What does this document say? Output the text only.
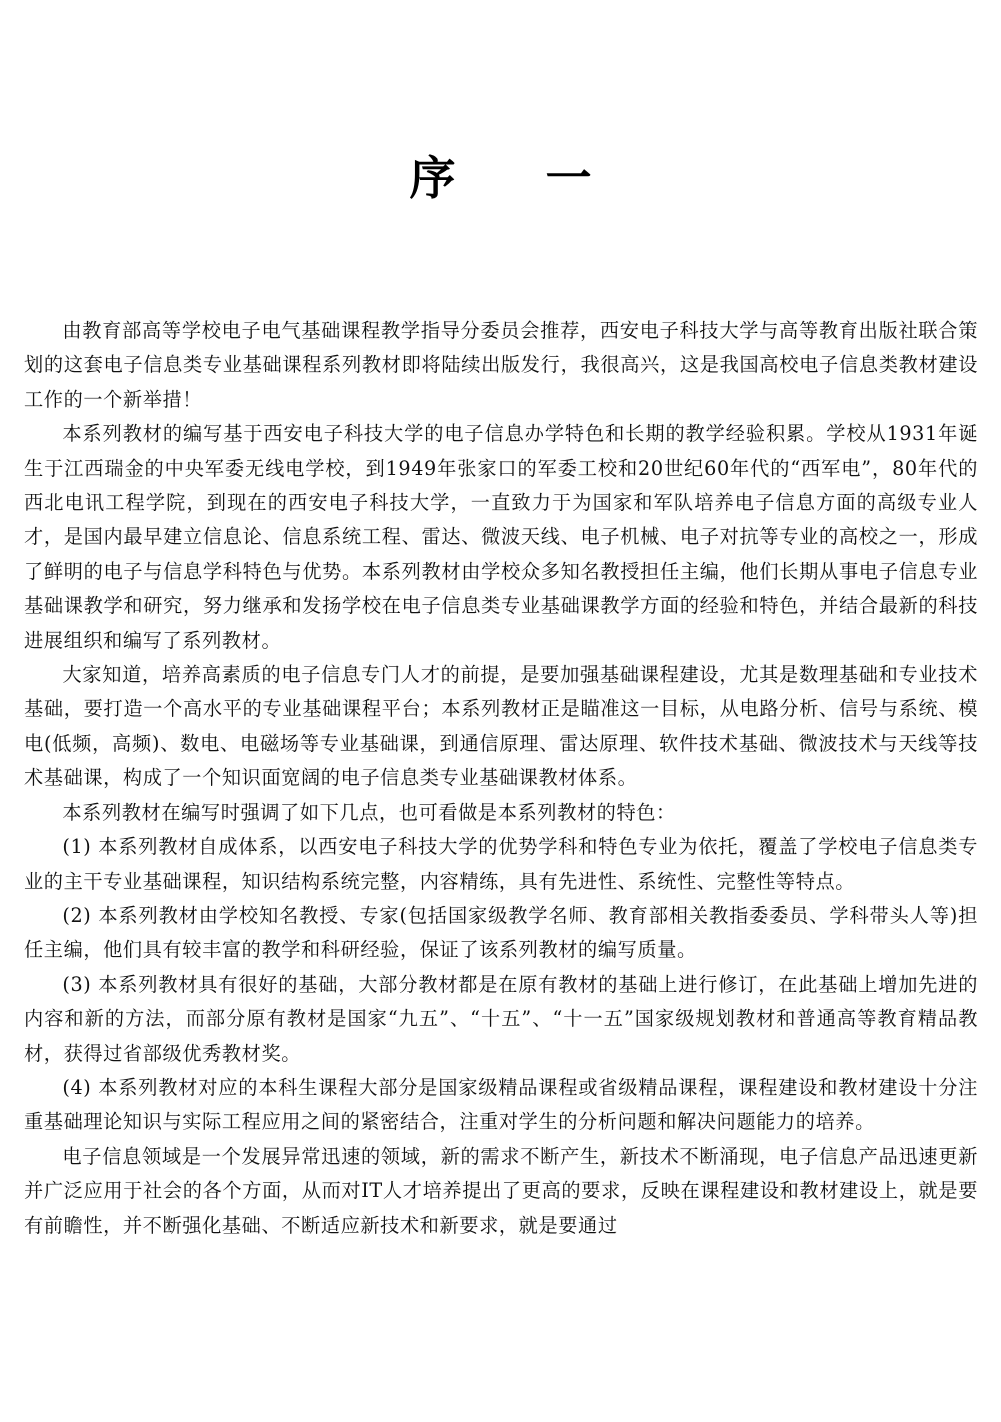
序一

由教育部高等学校电子电气基础课程教学指导分委员会推荐，西安电子科技大学与高等教育出版社联合策划的这套电子信息类专业基础课程系列教材即将陆续出版发行，我很高兴，这是我国高校电子信息类教材建设工作的一个新举措！

本系列教材的编写基于西安电子科技大学的电子信息办学特色和长期的教学经验积累。学校从1931年诞生于江西瑞金的中央军委无线电学校，到1949年张家口的军委工校和20世纪60年代的“西军电”，80年代的西北电讯工程学院，到现在的西安电子科技大学，一直致力于为国家和军队培养电子信息方面的高级专业人才，是国内最早建立信息论、信息系统工程、雷达、微波天线、电子机械、电子对抗等专业的高校之一，形成了鲜明的电子与信息学科特色与优势。本系列教材由学校众多知名教授担任主编，他们长期从事电子信息专业基础课教学和研究，努力继承和发扬学校在电子信息类专业基础课教学方面的经验和特色，并结合最新的科技进展组织和编写了系列教材。

大家知道，培养高素质的电子信息专门人才的前提，是要加强基础课程建设，尤其是数理基础和专业技术基础，要打造一个高水平的专业基础课程平台；本系列教材正是瞄准这一目标，从电路分析、信号与系统、模电(低频，高频)、数电、电磁场等专业基础课，到通信原理、雷达原理、软件技术基础、微波技术与天线等技术基础课，构成了一个知识面宽阔的电子信息类专业基础课教材体系。

本系列教材在编写时强调了如下几点，也可看做是本系列教材的特色：

(1) 本系列教材自成体系，以西安电子科技大学的优势学科和特色专业为依托，覆盖了学校电子信息类专业的主干专业基础课程，知识结构系统完整，内容精练，具有先进性、系统性、完整性等特点。

(2) 本系列教材由学校知名教授、专家(包括国家级教学名师、教育部相关教指委委员、学科带头人等)担任主编，他们具有较丰富的教学和科研经验，保证了该系列教材的编写质量。

(3) 本系列教材具有很好的基础，大部分教材都是在原有教材的基础上进行修订，在此基础上增加先进的内容和新的方法，而部分原有教材是国家“九五”、“十五”、“十一五”国家级规划教材和普通高等教育精品教材，获得过省部级优秀教材奖。

(4) 本系列教材对应的本科生课程大部分是国家级精品课程或省级精品课程，课程建设和教材建设十分注重基础理论知识与实际工程应用之间的紧密结合，注重对学生的分析问题和解决问题能力的培养。

电子信息领域是一个发展异常迅速的领域，新的需求不断产生，新技术不断涌现，电子信息产品迅速更新并广泛应用于社会的各个方面，从而对IT人才培养提出了更高的要求，反映在课程建设和教材建设上，就是要有前瞻性，并不断强化基础、不断适应新技术和新要求，就是要通过
